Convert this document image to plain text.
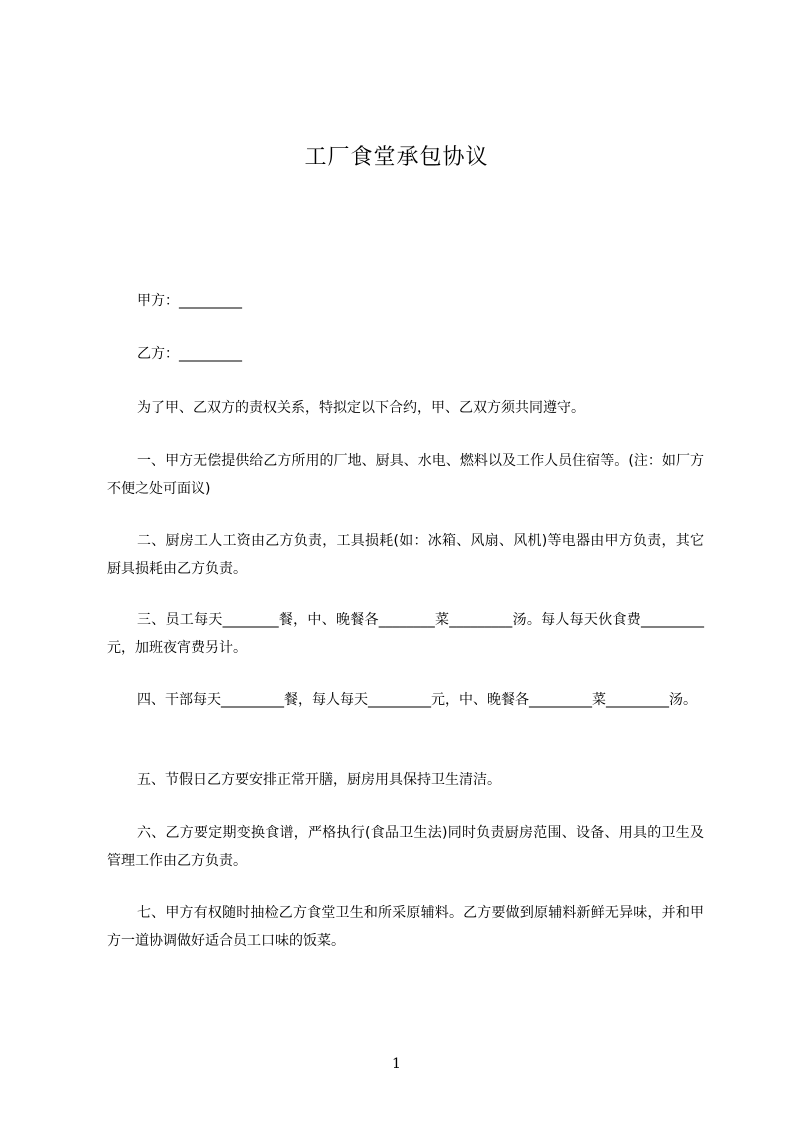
工厂食堂承包协议

甲方：_________

乙方：_________

为了甲、乙双方的责权关系，特拟定以下合约，甲、乙双方须共同遵守。

一、甲方无偿提供给乙方所用的厂地、厨具、水电、燃料以及工作人员住宿等。(注：如厂方不便之处可面议)

二、厨房工人工资由乙方负责，工具损耗(如：冰箱、风扇、风机)等电器由甲方负责，其它厨具损耗由乙方负责。

三、员工每天________餐，中、晚餐各________菜_________汤。每人每天伙食费_________元，加班夜宵费另计。

四、干部每天_________餐，每人每天_________元，中、晚餐各_________菜_________汤。

五、节假日乙方要安排正常开膳，厨房用具保持卫生清洁。

六、乙方要定期变换食谱，严格执行(食品卫生法)同时负责厨房范围、设备、用具的卫生及管理工作由乙方负责。

七、甲方有权随时抽检乙方食堂卫生和所采原辅料。乙方要做到原辅料新鲜无异味，并和甲方一道协调做好适合员工口味的饭菜。

1
